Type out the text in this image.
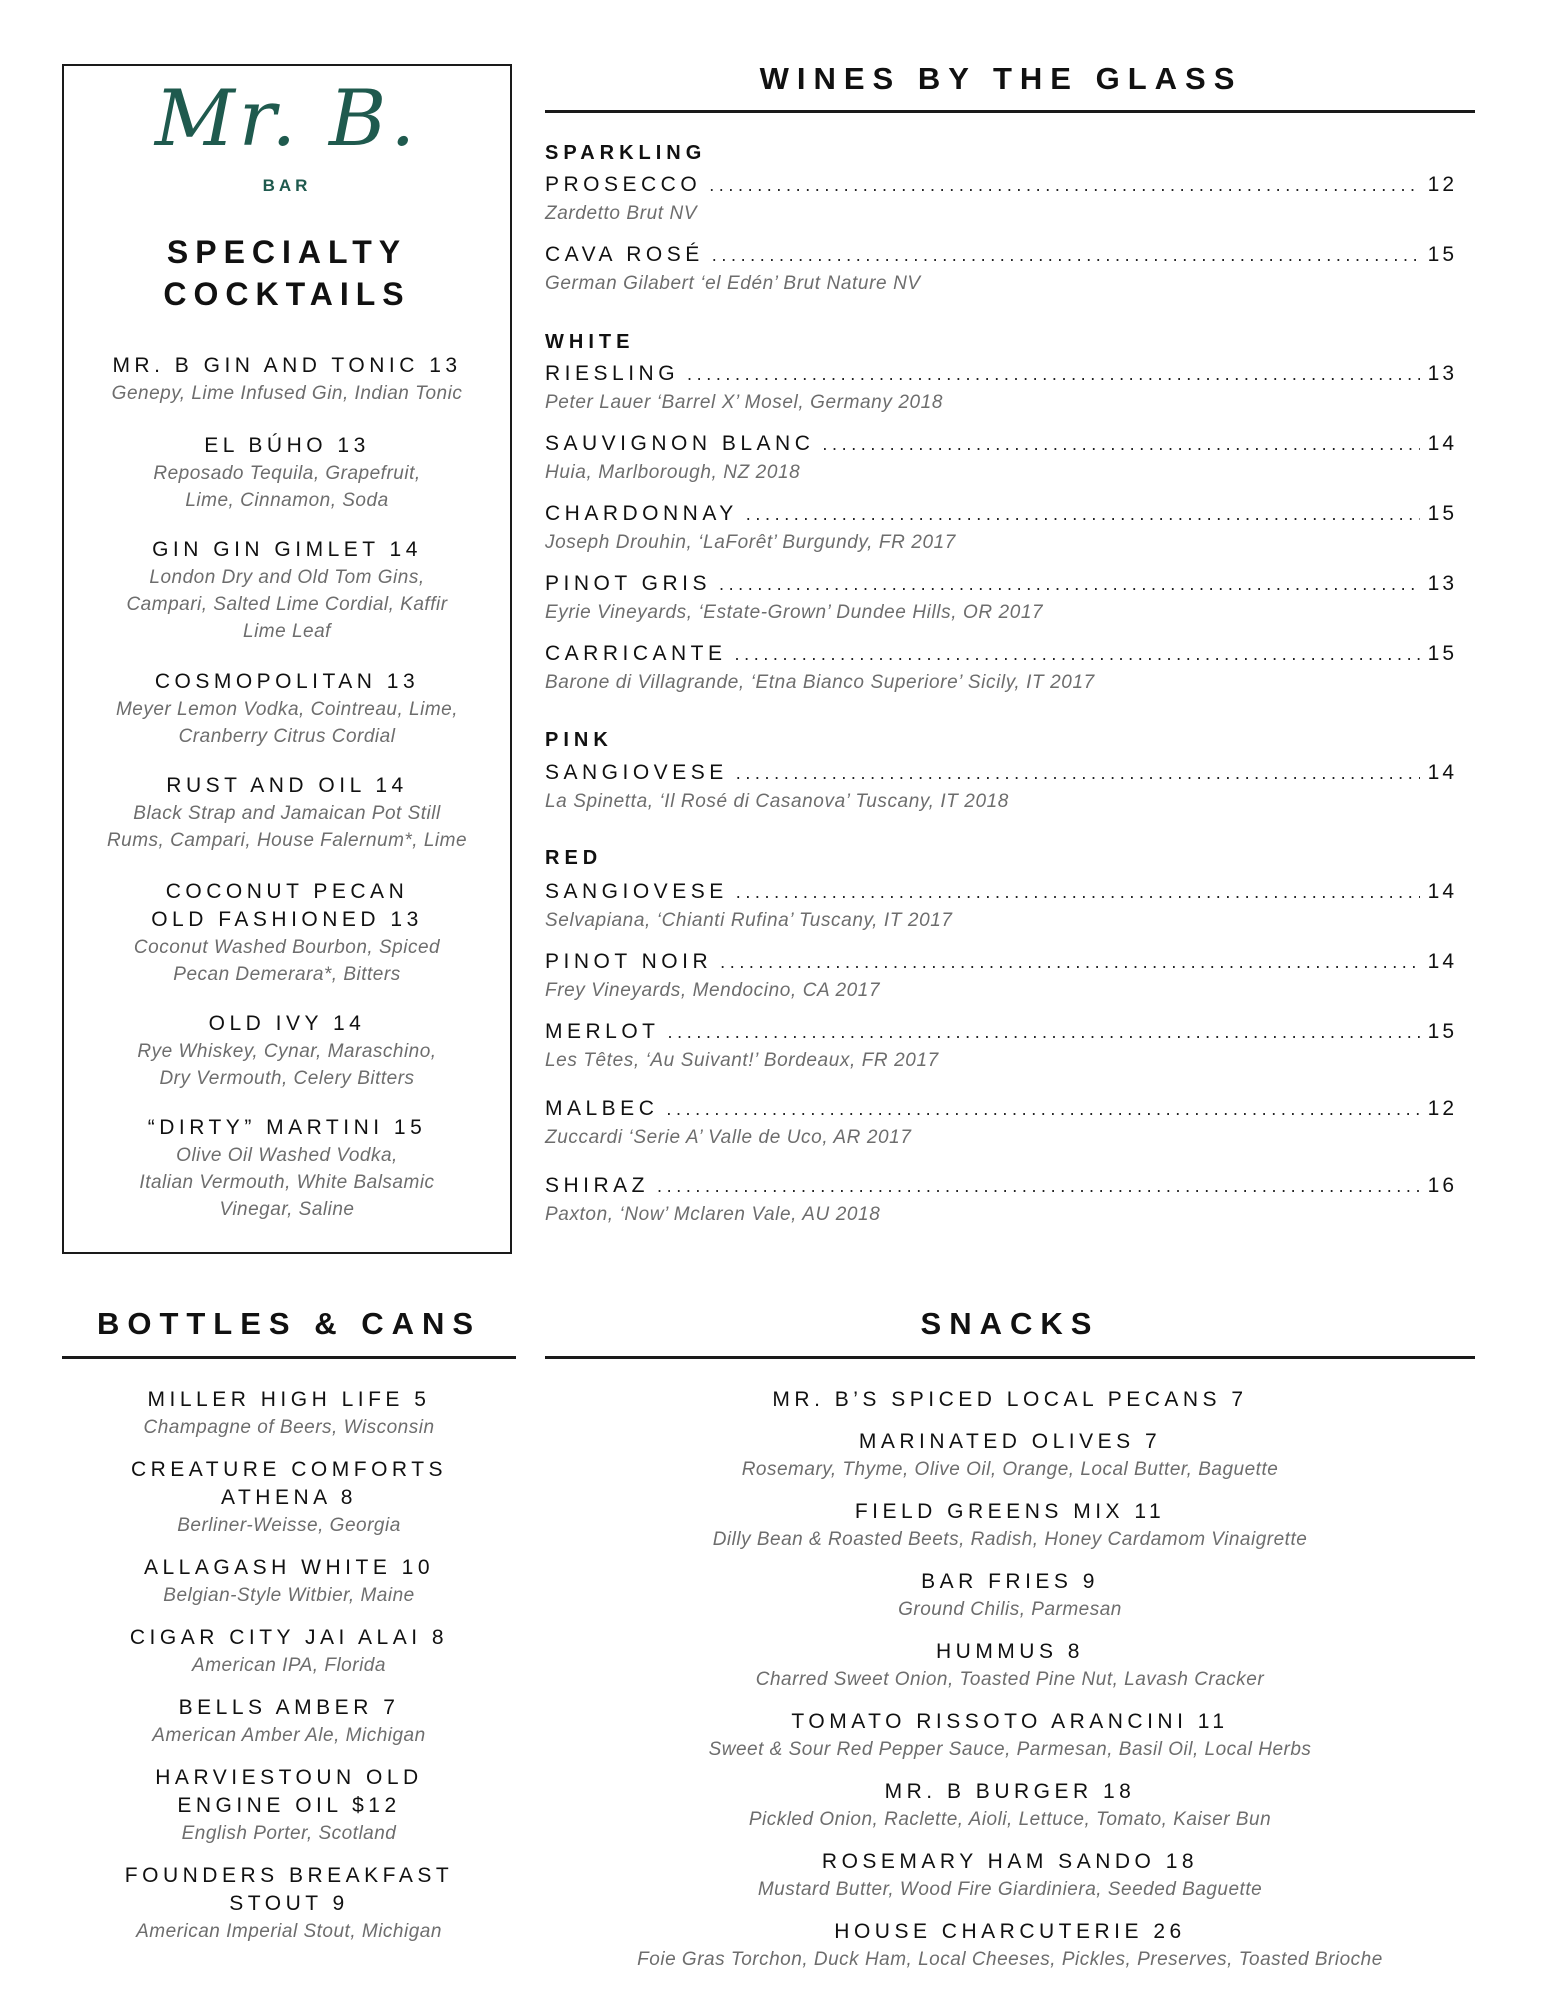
Mr. B.
BAR
SPECIALTY
COCKTAILS
MR. B GIN AND TONIC 13
Genepy, Lime Infused Gin, Indian Tonic
EL BÚHO 13
Reposado Tequila, Grapefruit,
Lime, Cinnamon, Soda
GIN GIN GIMLET 14
London Dry and Old Tom Gins,
Campari, Salted Lime Cordial, Kaffir
Lime Leaf
COSMOPOLITAN 13
Meyer Lemon Vodka, Cointreau, Lime,
Cranberry Citrus Cordial
RUST AND OIL 14
Black Strap and Jamaican Pot Still
Rums, Campari, House Falernum*, Lime
COCONUT PECAN
OLD FASHIONED 13
Coconut Washed Bourbon, Spiced
Pecan Demerara*, Bitters
OLD IVY 14
Rye Whiskey, Cynar, Maraschino,
Dry Vermouth, Celery Bitters
“DIRTY” MARTINI 15
Olive Oil Washed Vodka,
Italian Vermouth, White Balsamic
Vinegar, Saline
WINES BY THE GLASS
SPARKLING
WHITE
PINK
RED
PROSECCO .....	12
Zardetto Brut NV
CAVA ROSÉ .....	15
German Gilabert ‘el Edén’ Brut Nature NV
RIESLING .....	13
Peter Lauer ‘Barrel X’ Mosel, Germany 2018
SAUVIGNON BLANC .....	14
Huia, Marlborough, NZ 2018
CHARDONNAY .....	15
Joseph Drouhin, ‘LaForêt’ Burgundy, FR 2017
PINOT GRIS .....	13
Eyrie Vineyards, ‘Estate-Grown’ Dundee Hills, OR 2017
CARRICANTE .....	15
Barone di Villagrande, ‘Etna Bianco Superiore’ Sicily, IT 2017
SANGIOVESE .....	14
La Spinetta, ‘Il Rosé di Casanova’ Tuscany, IT 2018
SANGIOVESE .....	14
Selvapiana, ‘Chianti Rufina’ Tuscany, IT 2017
PINOT NOIR .....	14
Frey Vineyards, Mendocino, CA 2017
MERLOT .....	15
Les Têtes, ‘Au Suivant!’ Bordeaux, FR 2017
MALBEC .....	12
Zuccardi ‘Serie A’ Valle de Uco, AR 2017
SHIRAZ .....	16
Paxton, ‘Now’ Mclaren Vale, AU 2018
BOTTLES & CANS
MILLER HIGH LIFE 5
Champagne of Beers, Wisconsin
CREATURE COMFORTS
ATHENA 8
Berliner-Weisse, Georgia
ALLAGASH WHITE 10
Belgian-Style Witbier, Maine
CIGAR CITY JAI ALAI 8
American IPA, Florida
BELLS AMBER 7
American Amber Ale, Michigan
HARVIESTOUN OLD
ENGINE OIL $12
English Porter, Scotland
FOUNDERS BREAKFAST
STOUT 9
American Imperial Stout, Michigan
SNACKS
MR. B’S SPICED LOCAL PECANS 7
MARINATED OLIVES 7
Rosemary, Thyme, Olive Oil, Orange, Local Butter, Baguette
FIELD GREENS MIX 11
Dilly Bean & Roasted Beets, Radish, Honey Cardamom Vinaigrette
BAR FRIES 9
Ground Chilis, Parmesan
HUMMUS 8
Charred Sweet Onion, Toasted Pine Nut, Lavash Cracker
TOMATO RISSOTO ARANCINI 11
Sweet & Sour Red Pepper Sauce, Parmesan, Basil Oil, Local Herbs
MR. B BURGER 18
Pickled Onion, Raclette, Aioli, Lettuce, Tomato, Kaiser Bun
ROSEMARY HAM SANDO 18
Mustard Butter, Wood Fire Giardiniera, Seeded Baguette
HOUSE CHARCUTERIE 26
Foie Gras Torchon, Duck Ham, Local Cheeses, Pickles, Preserves, Toasted Brioche
